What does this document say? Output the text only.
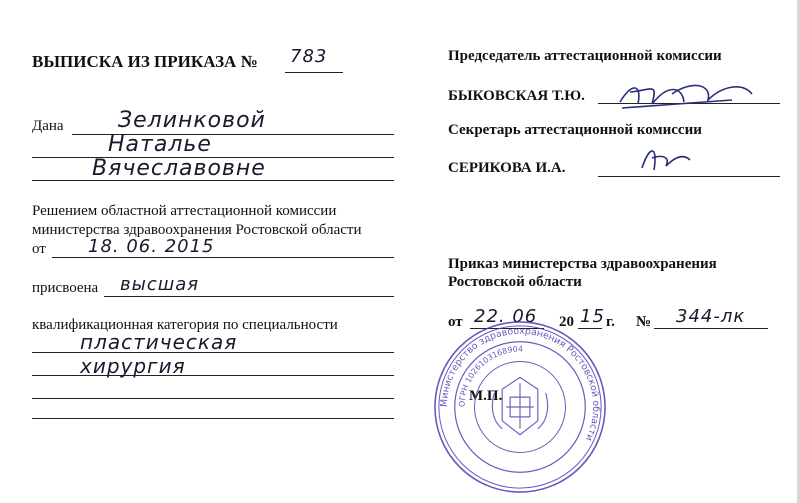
ВЫПИСКА ИЗ ПРИКАЗА № 783
Дана Зелинковой
Наталье
Вячеславовне
Решением областной аттестационной комиссии
министерства здравоохранения Ростовской области
от 18. 06. 2015
присвоена высшая
квалификационная категория по специальности
пластическая
хирургия
Председатель аттестационной комиссии
БЫКОВСКАЯ Т.Ю.
Секретарь аттестационной комиссии
СЕРИКОВА И.А.
Приказ министерства здравоохранения
Ростовской области
от 22. 06 20 15 г. № 344-лк
М.П.
Министерство здравоохранения Ростовской области
ОГРН 1026103168904
